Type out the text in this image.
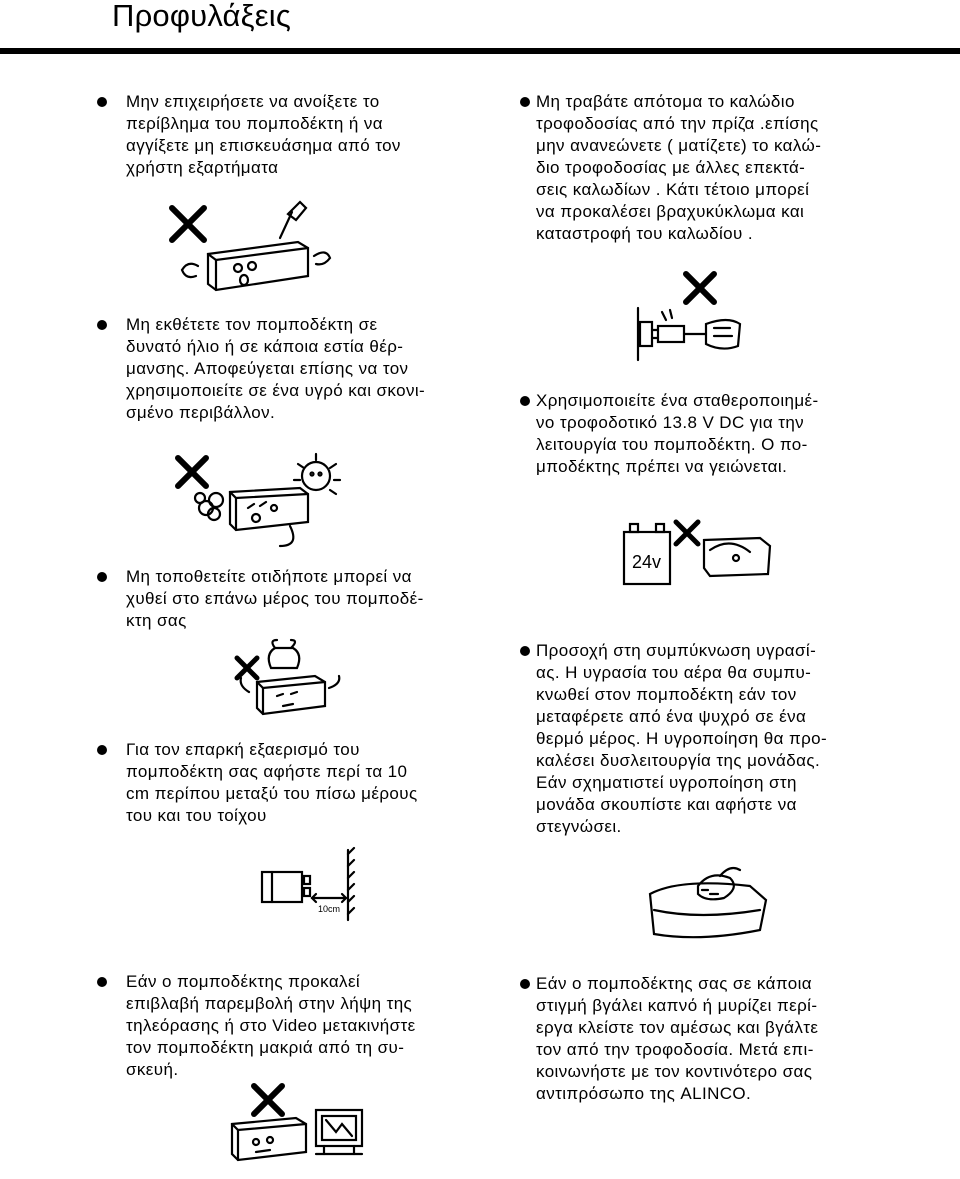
Προφυλάξεις

Μην επιχειρήσετε να ανοίξετε το
περίβλημα του πομποδέκτη ή να
αγγίξετε μη επισκευάσημα από τον
χρήστη εξαρτήματα

Μη εκθέτετε τον πομποδέκτη σε
δυνατό ήλιο ή σε κάποια εστία θέρ-
μανσης. Αποφεύγεται επίσης να τον
χρησιμοποιείτε σε ένα υγρό και σκονι-
σμένο περιβάλλον.

Μη τοποθετείτε οτιδήποτε μπορεί να
χυθεί στο επάνω μέρος του πομποδέ-
κτη σας

Για τον επαρκή εξαερισμό του
πομποδέκτη σας αφήστε περί τα 10
cm περίπου μεταξύ του πίσω μέρους
του και του τοίχου

Εάν ο πομποδέκτης προκαλεί
επιβλαβή παρεμβολή στην λήψη της
τηλεόρασης ή στο Video μετακινήστε
τον πομποδέκτη μακριά από τη συ-
σκευή.

Μη τραβάτε απότομα το καλώδιο
τροφοδοσίας από την πρίζα .επίσης
μην ανανεώνετε ( ματίζετε) το καλώ-
διο τροφοδοσίας με άλλες επεκτά-
σεις καλωδίων . Κάτι τέτοιο μπορεί
να προκαλέσει βραχυκύκλωμα και
καταστροφή του καλωδίου .

Χρησιμοποιείτε ένα σταθεροποιημέ-
νο τροφοδοτικό 13.8 V DC για την
λειτουργία του πομποδέκτη. Ο πο-
μποδέκτης πρέπει να γειώνεται.

Προσοχή στη συμπύκνωση υγρασί-
ας. Η υγρασία του αέρα θα συμπυ-
κνωθεί στον πομποδέκτη εάν τον
μεταφέρετε από ένα ψυχρό σε ένα
θερμό μέρος. Η υγροποίηση θα προ-
καλέσει δυσλειτουργία της μονάδας.
Εάν σχηματιστεί υγροποίηση στη
μονάδα σκουπίστε και αφήστε να
στεγνώσει.

Εάν ο πομποδέκτης σας σε κάποια
στιγμή βγάλει καπνό ή μυρίζει περί-
εργα κλείστε τον αμέσως και βγάλτε
τον από την τροφοδοσία. Μετά επι-
κοινωνήστε με τον κοντινότερο σας
αντιπρόσωπο της ALINCO.

24v
10cm
